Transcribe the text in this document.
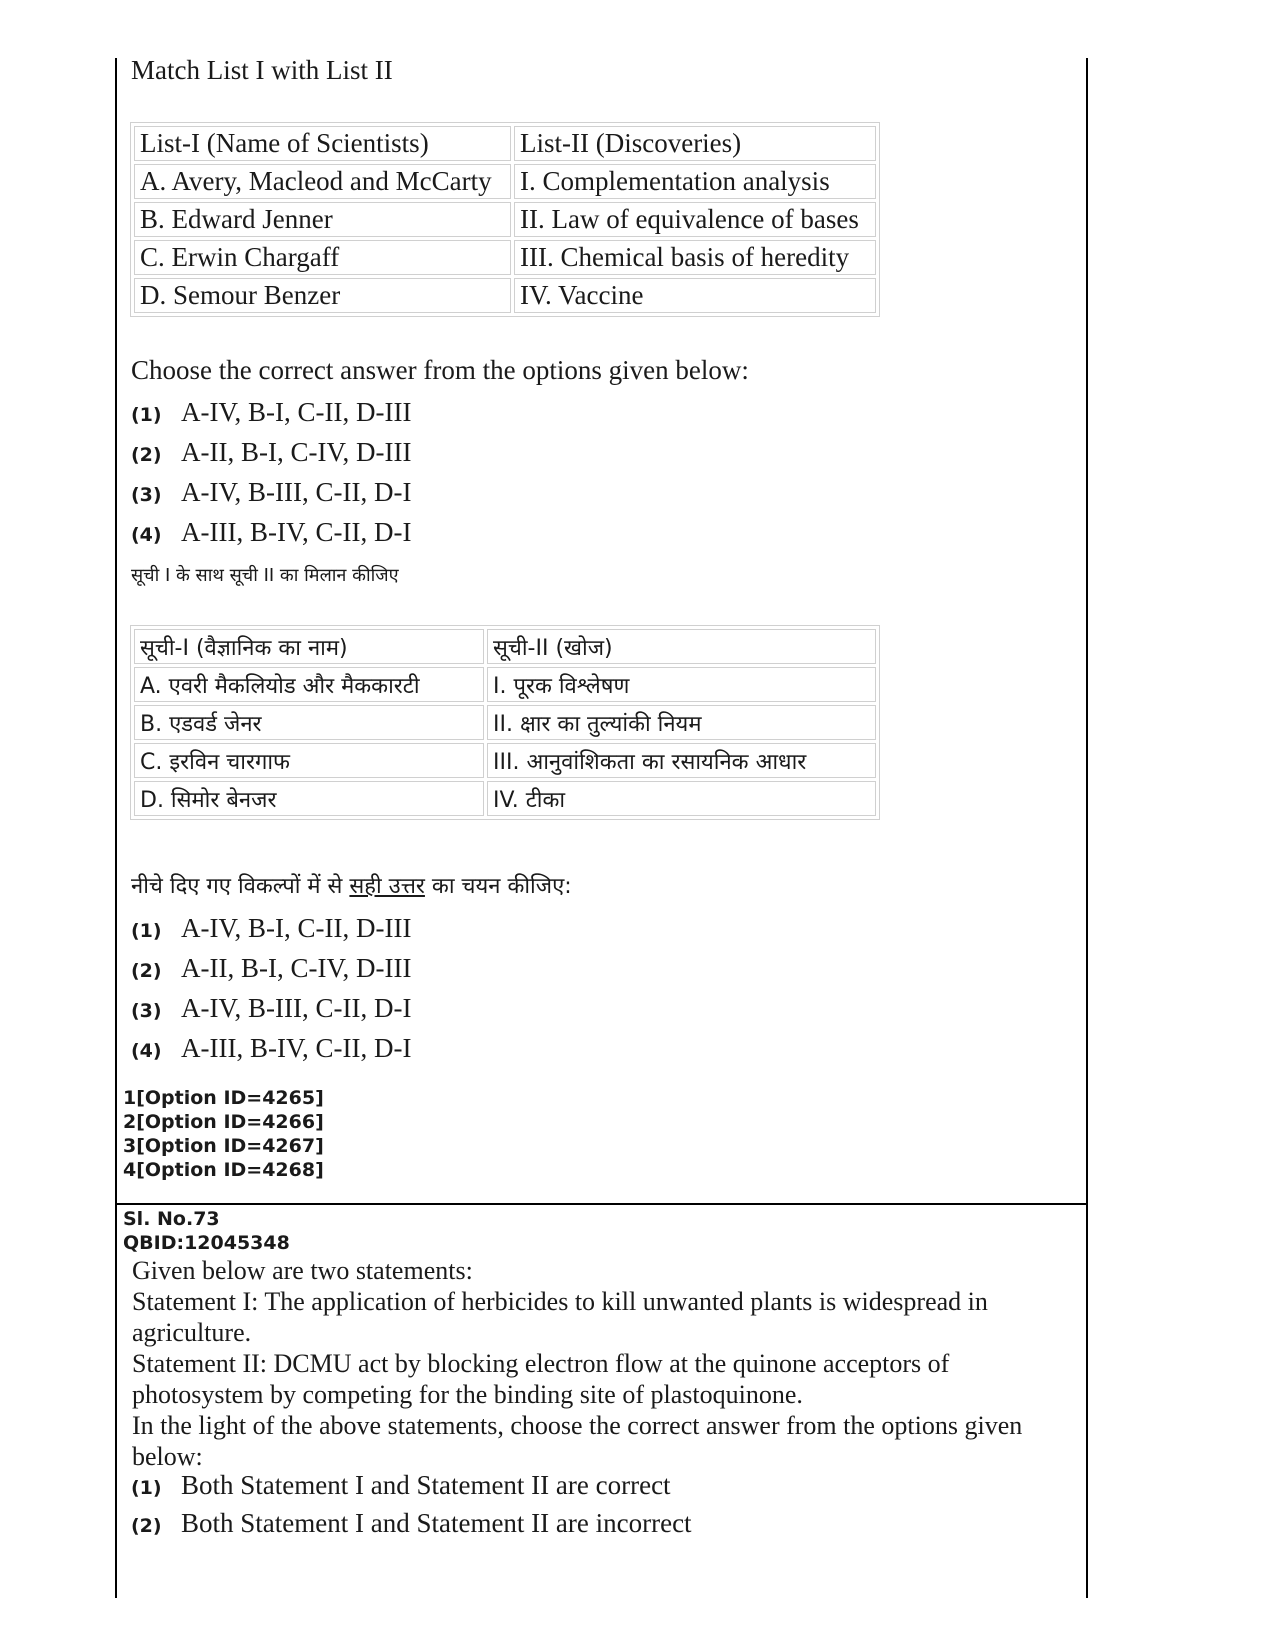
Match List I with List II
List-I (Name of Scientists)	List-II (Discoveries)
A. Avery, Macleod and McCarty	I. Complementation analysis
B. Edward Jenner	II. Law of equivalence of bases
C. Erwin Chargaff	III. Chemical basis of heredity
D. Semour Benzer	IV. Vaccine
Choose the correct answer from the options given below:
(1) A-IV, B-I, C-II, D-III
(2) A-II, B-I, C-IV, D-III
(3) A-IV, B-III, C-II, D-I
(4) A-III, B-IV, C-II, D-I
सूची I के साथ सूची II का मिलान कीजिए
सूची-I (वैज्ञानिक का नाम)	सूची-II (खोज)
A. एवरी मैकलियोड और मैककारटी	I. पूरक विश्लेषण
B. एडवर्ड जेनर	II. क्षार का तुल्यांकी नियम
C. इरविन चारगाफ	III. आनुवांशिकता का रसायनिक आधार
D. सिमोर बेनजर	IV. टीका
नीचे दिए गए विकल्पों में से सही उत्तर का चयन कीजिए:
(1) A-IV, B-I, C-II, D-III
(2) A-II, B-I, C-IV, D-III
(3) A-IV, B-III, C-II, D-I
(4) A-III, B-IV, C-II, D-I
1[Option ID=4265]
2[Option ID=4266]
3[Option ID=4267]
4[Option ID=4268]
Sl. No.73
QBID:12045348

Given below are two statements:

Statement I: The application of herbicides to kill unwanted plants is widespread in agriculture.

Statement II: DCMU act by blocking electron flow at the quinone acceptors of photosystem by competing for the binding site of plastoquinone.

In the light of the above statements, choose the correct answer from the options given below:

(1) Both Statement I and Statement II are correct
(2) Both Statement I and Statement II are incorrect
